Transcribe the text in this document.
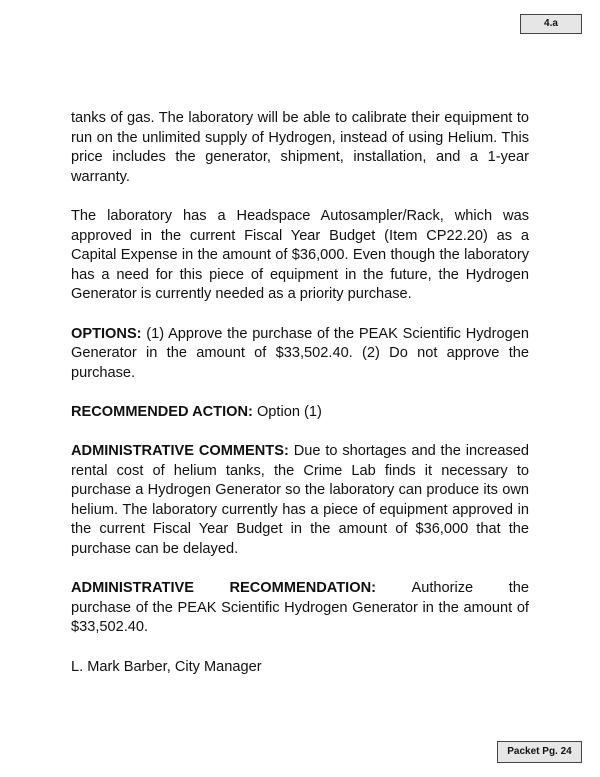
4.a

tanks of gas. The laboratory will be able to calibrate their equipment to run on the unlimited supply of Hydrogen, instead of using Helium. This price includes the generator, shipment, installation, and a 1-year warranty.

The laboratory has a Headspace Autosampler/Rack, which was approved in the current Fiscal Year Budget (Item CP22.20) as a Capital Expense in the amount of $36,000. Even though the laboratory has a need for this piece of equipment in the future, the Hydrogen Generator is currently needed as a priority purchase.

OPTIONS: (1) Approve the purchase of the PEAK Scientific Hydrogen Generator in the amount of $33,502.40. (2) Do not approve the purchase.

RECOMMENDED ACTION: Option (1)

ADMINISTRATIVE COMMENTS: Due to shortages and the increased rental cost of helium tanks, the Crime Lab finds it necessary to purchase a Hydrogen Generator so the laboratory can produce its own helium. The laboratory currently has a piece of equipment approved in the current Fiscal Year Budget in the amount of $36,000 that the purchase can be delayed.

ADMINISTRATIVE RECOMMENDATION: Authorize the
purchase of the PEAK Scientific Hydrogen Generator in the amount of $33,502.40.

L. Mark Barber, City Manager

Packet Pg. 24
